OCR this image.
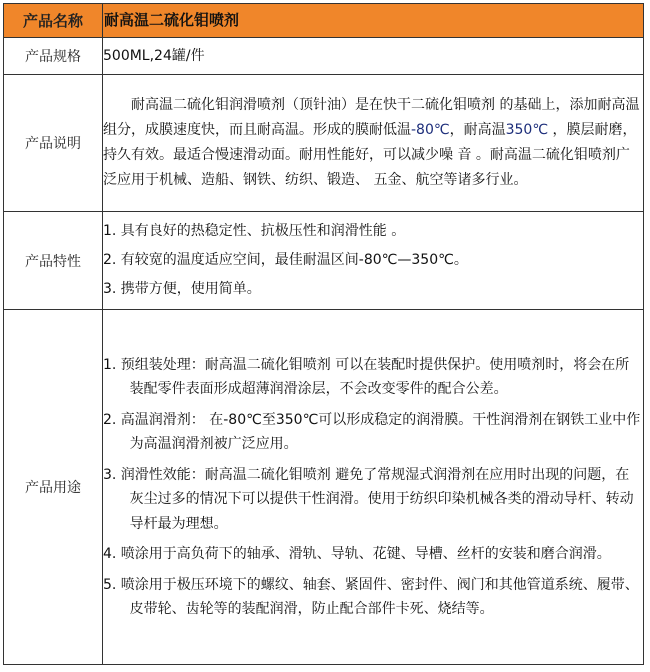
产品名称	耐高温二硫化钼喷剂
产品规格	500ML,24罐/件
产品说明	耐高温二硫化钼润滑喷剂（顶针油）是在快干二硫化钼喷剂 的基础上，添加耐高温组分，成膜速度快，而且耐高温。形成的膜耐低温-80℃，耐高温350℃ ，膜层耐磨，持久有效。最适合慢速滑动面。耐用性能好，可以减少噪 音 。耐高温二硫化钼喷剂广泛应用于机械、造船、钢铁、纺织、锻造、 五金、航空等诸多行业。

产品特性	1. 具有良好的热稳定性、抗极压性和润滑性能 。
2. 有较宽的温度适应空间，最佳耐温区间-80℃—350℃。
3. 携带方便，使用简单。

产品用途	1. 预组装处理：耐高温二硫化钼喷剂 可以在装配时提供保护。使用喷剂时，将会在所装配零件表面形成超薄润滑涂层，不会改变零件的配合公差。
2. 高温润滑剂： 在-80℃至350℃可以形成稳定的润滑膜。干性润滑剂在钢铁工业中作为高温润滑剂被广泛应用。
3. 润滑性效能：耐高温二硫化钼喷剂 避免了常规湿式润滑剂在应用时出现的问题，在灰尘过多的情况下可以提供干性润滑。使用于纺织印染机械各类的滑动导杆、转动导杆最为理想。
4. 喷涂用于高负荷下的轴承、滑轨、导轨、花键、导槽、丝杆的安装和磨合润滑。
5. 喷涂用于极压环境下的螺纹、轴套、紧固件、密封件、阀门和其他管道系统、履带、皮带轮、齿轮等的装配润滑，防止配合部件卡死、烧结等。
